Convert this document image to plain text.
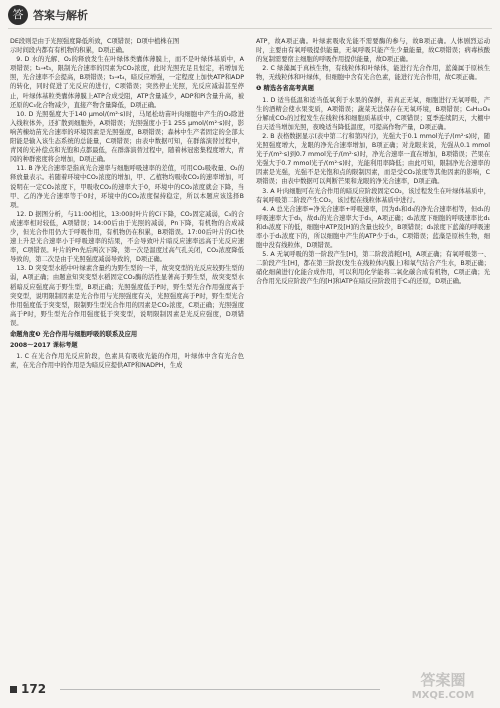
答 答案与解析

DE段则是由于光照强度降低所致，C项错误；D项中植株在图

示时间段内都有有机物的积累，D项正确。

9. D 水的光解、O₂的释放发生在叶绿体类囊体薄膜上，而不是叶绿体基质中，A项错误；t₂→t₃，限制光合速率的因素为CO₂浓度，此时光照充足且恒定，若增加光照，光合速率不会提高，B项错误；t₃→t₄，暗反应增强，一定程度上加快ATP和ADP的转化，同时促进了光反应的进行，C项错误；突然停止光照，光反应减弱甚至停止，叶绿体基粒类囊体薄膜上ATP合成受阻，ATP含量减少，ADP和Pi含量升高，被还原的C₃化合物减少，直接产物含量降低，D项正确。

10. D 光照强度大于140 μmol/(m²·s)时，马尾松幼苗叶肉细胞中产生的O₂除进入线粒体外，还扩散到细胞外，A项错误；光照强度小于1 255 μmol/(m²·s)时，影响苦楝幼苗光合速率的环境因素是光照强度，B项错误；森林中生产者固定的全部太阳能是输入该生态系统的总能量，C项错误；由表中数据可知，在群落演替过程中，青冈的光补偿点和光饱和点都最低，在群落演替过程中，随着林冠密集程度增大，青冈的种群密度将会增加，D项正确。

11. B 净光合速率是指真光合速率与细胞呼吸速率的差值，可用CO₂吸收量、O₂的释放量表示。若随着环境中CO₂浓度的增加，甲、乙植物均吸收CO₂的速率增加，可说明在一定CO₂浓度下，甲吸收CO₂的速率大于0，环境中的CO₂浓度就会下降，当甲、乙的净光合速率等于0时，环境中的CO₂浓度保持稳定，所以本题应该选择B项。

12. D 据图分析，与11:00相比，13:00时叶片的Ci下降，CO₂固定减弱，C₃的合成速率相对较低，A项错误；14:00后由于光照的减弱，Pn下降，有机物的合成减少，但光合作用仍大于呼吸作用，有机物仍在积累，B项错误。17:00后叶片的Ci快速上升是光合速率小于呼吸速率的结果，不会导致叶片暗反应速率远高于光反应速率，C项错误。叶片的Pn先后两次下降，第一次是温度过高气孔关闭，CO₂浓度降低导致的，第二次是由于光照强度减弱导致的，D项正确。

13. D 突变型水稻中叶绿素含量约为野生型的一半，故突变型的光反应较野生型的弱，A项正确；由题意知突变型水稻固定CO₂酶的活性显著高于野生型，故突变型水稻暗反应强度高于野生型，B项正确；光照强度低于P时，野生型光合作用强度高于突变型，说明限制因素是光合作用与光照强度有关，光照强度高于P时，野生型光合作用强度低于突变型，限制野生型光合作用的因素是CO₂浓度，C项正确；光照强度高于P时，野生型光合作用强度低于突变型，说明限制因素是光反应强度，D项错误。

命题角度❸ 光合作用与细胞呼吸的联系及应用

2008～2017 课标考题

1. C 在光合作用光反应阶段，色素具有吸收光能的作用，叶绿体中含有光合色素，在光合作用中的作用是为暗反应提供ATP和NADPH，生成

ATP，故A项正确。叶绿素吸收光能不需要酶的参与，故B项正确。人体剧烈运动时，主要由有氧呼吸提供能量，无氧呼吸只能产生少量能量，故C项错误；病毒核酸的复制需要宿主细胞的呼吸作用提供能量，故D项正确。

2. C 绿藻属于真核生物，有线粒体和叶绿体，能进行光合作用，蓝藻属于原核生物，无线粒体和叶绿体，但细胞中含有光合色素，能进行光合作用，故C项正确。

❶ 精选各省高考真题

1. D 适当低温和适当低氧利于水果的保鲜，若真正无氧，细胞进行无氧呼吸，产生的酒精会使水果变质，A项错误；蔬菜无法保存在无氧环境，B项错误；C₆H₁₂O₆分解成CO₂的过程发生在线粒体和细胞质基质中，C项错误；夏季连续阴天，大棚中白天适当增加光照，夜晚适当降低温度，可提高作物产量，D项正确。

2. B 表格数据显示(表中第二行和第四行)，光强大于0.1 mmol光子/(m²·s)时，随光照强度增大，龙眼的净光合速率增加，B项正确；对龙眼来说，光强从0.1 mmol光子/(m²·s)到0.7 mmol光子/(m²·s)时，净光合速率一直在增加，B项错误；芒果在光强大于0.7 mmol光子/(m²·s)时，光能利用率降低；由此可知，限制净光合速率的因素是光强，光强不是光饱和点的限制因素，而是受CO₂浓度等其他因素的影响，C项错误；由表中数据可以判断芒果和龙眼的净光合速率，D项正确。

3. A 叶肉细胞可在光合作用的暗反应阶段固定CO₂，该过程发生在叶绿体基质中，有氧呼吸第二阶段产生CO₂，该过程在线粒体基质中进行。

4. A 总光合速率=净光合速率+呼吸速率，因为d₁和d₃的净光合速率相等，但d₁的呼吸速率大于d₃，故d₁的光合速率大于d₃，A项正确；d₂浓度下细胞的呼吸速率比d₁和d₃浓度下的低，细胞中ATP及[H]的含量也较少，B项错误；d₃浓度下蓝藻的呼吸速率小于d₁浓度下的，所以细胞中产生的ATP少于d₁，C项错误；蓝藻是原核生物，细胞中没有线粒体，D项错误。

5. A 无氧呼吸的第一阶段产生[H]，第二阶段消耗[H]，A项正确；有氧呼吸第一、二阶段产生[H]，都在第三阶段(发生在线粒体内膜上)和氧气结合产生水，B项正确；硝化细菌进行化能合成作用，可以利用化学能将二氧化碳合成有机物，C项正确；光合作用光反应阶段产生的[H]和ATP在暗反应阶段用于C₃的还原，D项正确。

172	答案圈
MXQE.COM
